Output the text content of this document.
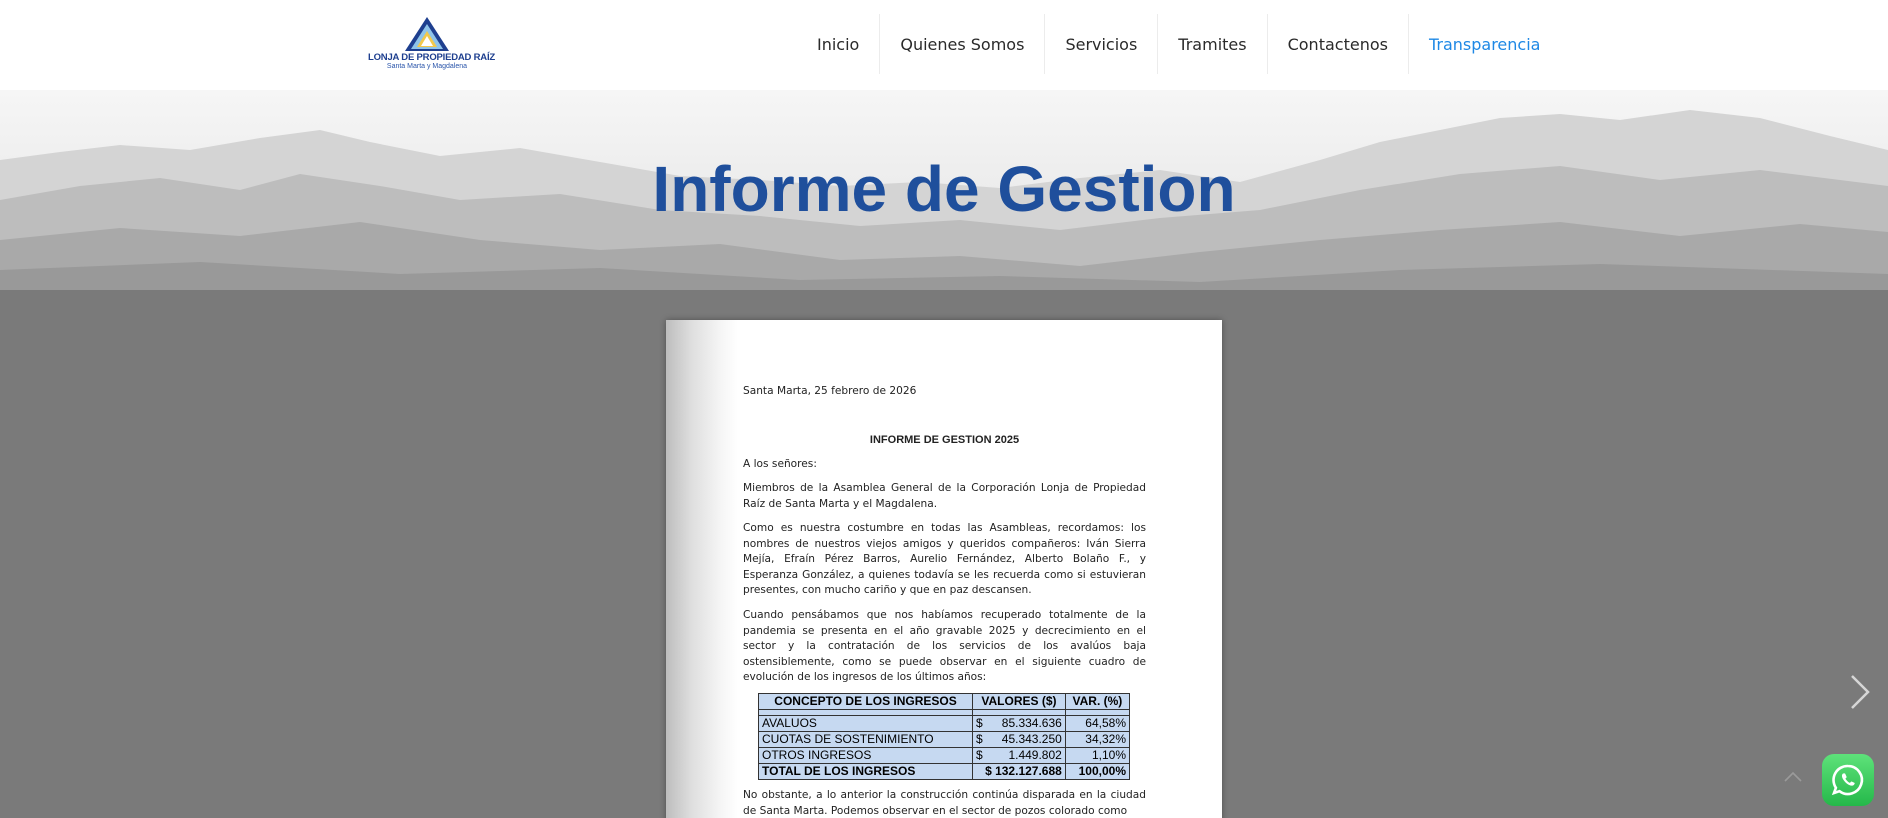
LONJA DE PROPIEDAD RAÍZ
Santa Marta y Magdalena
Inicio	Quienes Somos	Servicios	Tramites	Contactenos	Transparencia
Informe de Gestion

Santa Marta, 25 febrero de 2026

INFORME DE GESTION 2025

A los señores:

Miembros de la Asamblea General de la Corporación Lonja de Propiedad Raíz de Santa Marta y el Magdalena.

Como es nuestra costumbre en todas las Asambleas, recordamos: los nombres de nuestros viejos amigos y queridos compañeros: Iván Sierra Mejía, Efraín Pérez Barros, Aurelio Fernández, Alberto Bolaño F., y Esperanza González, a quienes todavía se les recuerda como si estuvieran presentes, con mucho cariño y que en paz descansen.

Cuando pensábamos que nos habíamos recuperado totalmente de la pandemia se presenta en el año gravable 2025 y decrecimiento en el sector y la contratación de los servicios de los avalúos baja ostensiblemente, como se puede observar en el siguiente cuadro de evolución de los ingresos de los últimos años:

CONCEPTO DE LOS INGRESOS	VALORES ($)		VAR. (%)

AVALUOS	$	85.334.636	64,58%
CUOTAS DE SOSTENIMIENTO	$	45.343.250	34,32%
OTROS INGRESOS	$	1.449.802	1,10%
TOTAL DE LOS INGRESOS	$ 132.127.688		100,00%

No obstante, a lo anterior la construcción continúa disparada en la ciudad de Santa Marta. Podemos observar en el sector de pozos colorado como
